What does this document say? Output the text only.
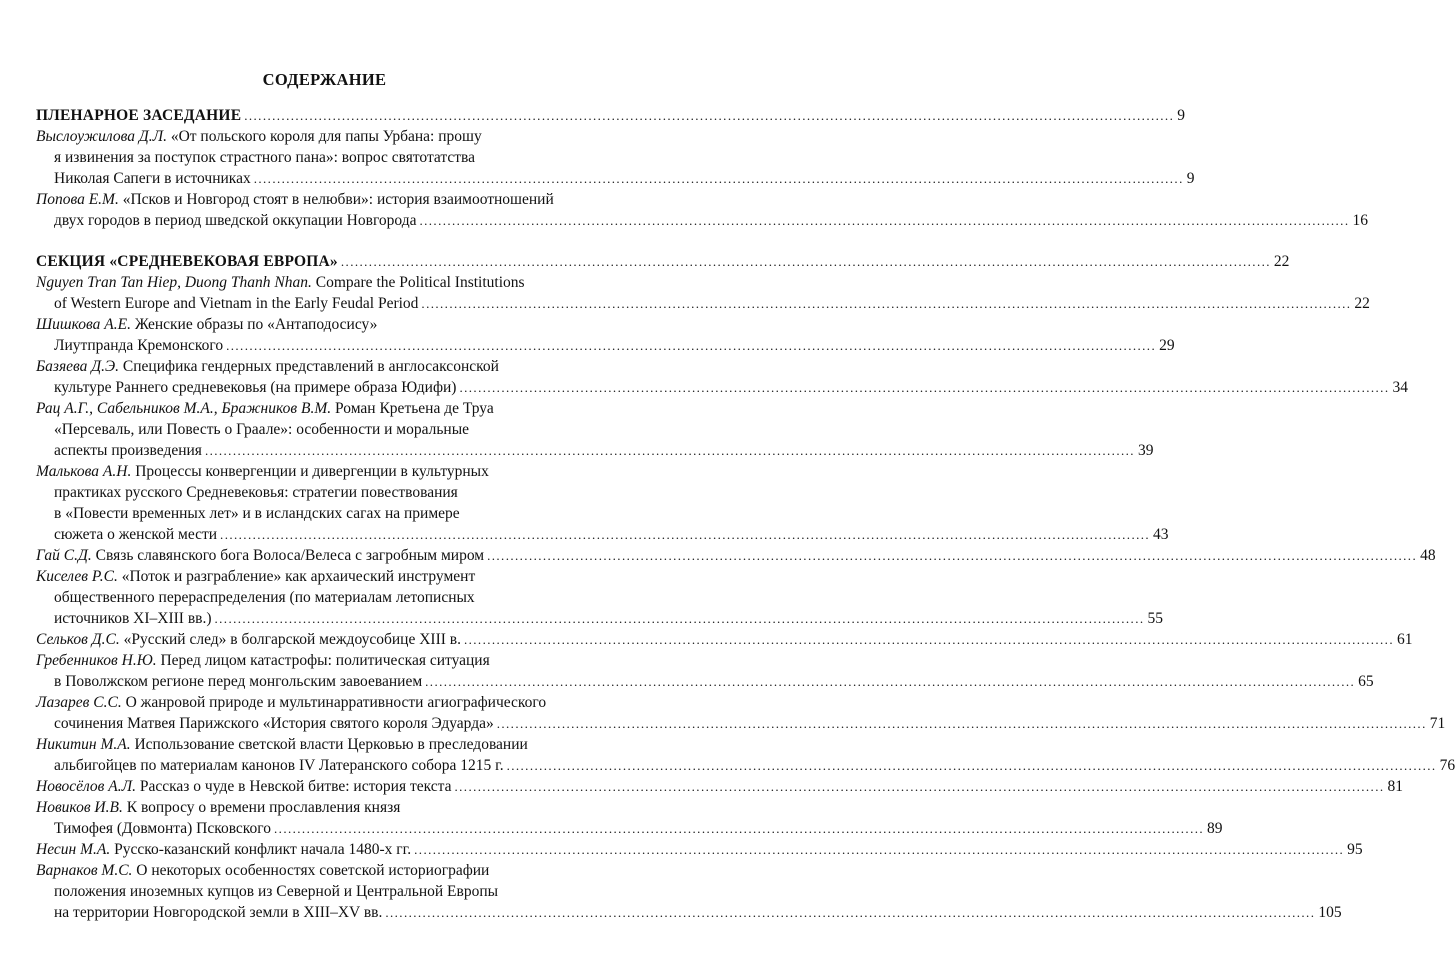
СОДЕРЖАНИЕ
ПЛЕНАРНОЕ ЗАСЕДАНИЕ ........................................................................................................................................................................................................ 9
Выслоужилова Д.Л. «От польского короля для папы Урбана: прошу
я извинения за поступок страстного пана»: вопрос святотатства
Николая Сапеги в источниках ........................................................................................................................................................................................................ 9
Попова Е.М. «Псков и Новгород стоят в нелюбви»: история взаимоотношений
двух городов в период шведской оккупации Новгорода ........................................................................................................................................................................................................ 16
СЕКЦИЯ «СРЕДНЕВЕКОВАЯ ЕВРОПА» ........................................................................................................................................................................................................ 22
Nguyen Tran Tan Hiep, Duong Thanh Nhan. Compare the Political Institutions
of Western Europe and Vietnam in the Early Feudal Period ........................................................................................................................................................................................................ 22
Шишкова А.Е. Женские образы по «Антаподосису»
Лиутпранда Кремонского ........................................................................................................................................................................................................ 29
Базяева Д.Э. Специфика гендерных представлений в англосаксонской
культуре Раннего средневековья (на примере образа Юдифи) ........................................................................................................................................................................................................ 34
Рац А.Г., Сабельников М.А., Бражников В.М. Роман Кретьена де Труа
«Персеваль, или Повесть о Граале»: особенности и моральные
аспекты произведения ........................................................................................................................................................................................................ 39
Малькова А.Н. Процессы конвергенции и дивергенции в культурных
практиках русского Средневековья: стратегии повествования
в «Повести временных лет» и в исландских сагах на примере
сюжета о женской мести ........................................................................................................................................................................................................ 43
Гай С.Д. Связь славянского бога Волоса/Велеса с загробным миром ........................................................................................................................................................................................................ 48
Киселев Р.С. «Поток и разграбление» как архаический инструмент
общественного перераспределения (по материалам летописных
источников XI–XIII вв.) ........................................................................................................................................................................................................ 55
Сельков Д.С. «Русский след» в болгарской междоусобице XIII в. ........................................................................................................................................................................................................ 61
Гребенников Н.Ю. Перед лицом катастрофы: политическая ситуация
в Поволжском регионе перед монгольским завоеванием ........................................................................................................................................................................................................ 65
Лазарев С.С. О жанровой природе и мультинарративности агиографического
сочинения Матвея Парижского «История святого короля Эдуарда» ........................................................................................................................................................................................................ 71
Никитин М.А. Использование светской власти Церковью в преследовании
альбигойцев по материалам канонов IV Латеранского собора 1215 г. ........................................................................................................................................................................................................ 76
Новосёлов А.Л. Рассказ о чуде в Невской битве: история текста ........................................................................................................................................................................................................ 81
Новиков И.В. К вопросу о времени прославления князя
Тимофея (Довмонта) Псковского ........................................................................................................................................................................................................ 89
Несин М.А. Русско-казанский конфликт начала 1480-х гг. ........................................................................................................................................................................................................ 95
Варнаков М.С. О некоторых особенностях советской историографии
положения иноземных купцов из Северной и Центральной Европы
на территории Новгородской земли в XIII–XV вв. ........................................................................................................................................................................................................ 105
